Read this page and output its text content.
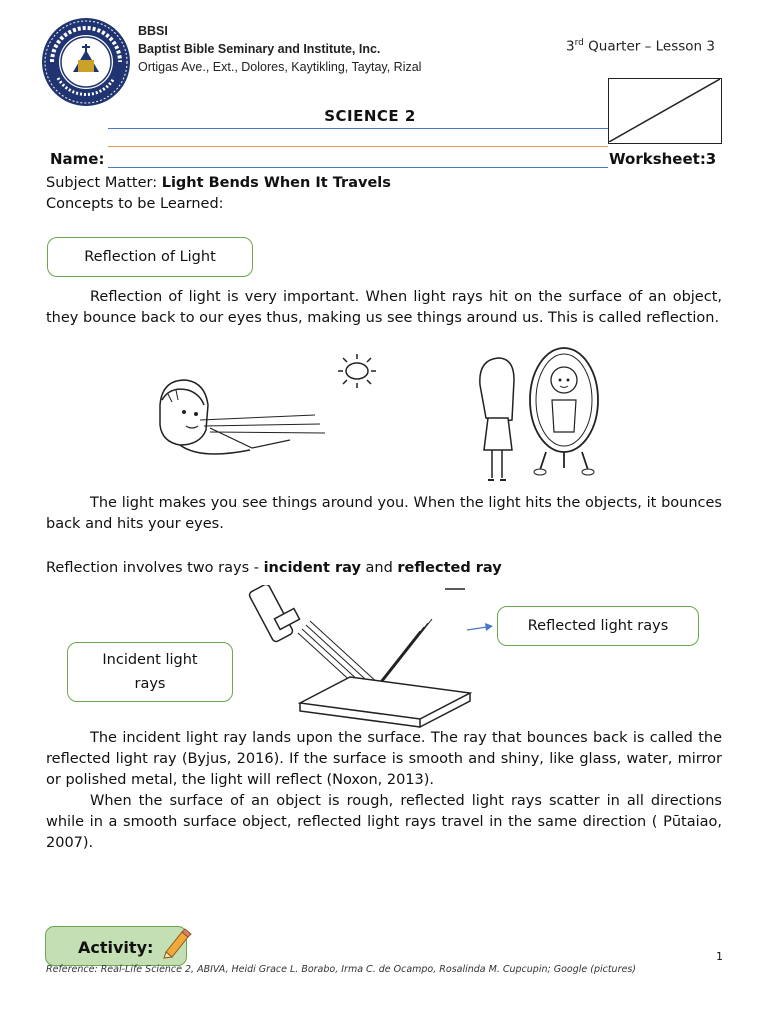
BBSI
Baptist Bible Seminary and Institute, Inc.
Ortigas Ave., Ext., Dolores, Kaytikling, Taytay, Rizal
3rd Quarter – Lesson 3
SCIENCE 2
Name:	Worksheet:3
Subject Matter: Light Bends When It Travels
Concepts to be Learned:
Reflection of Light
Reflection of light is very important. When light rays hit on the surface of an object, they bounce back to our eyes thus, making us see things around us. This is called reflection.
The light makes you see things around you. When the light hits the objects, it bounces back and hits your eyes.
Reflection involves two rays - incident ray and reflected ray
Reflected light rays
Incident light
rays
The incident light ray lands upon the surface. The ray that bounces back is called the reflected light ray (Byjus, 2016). If the surface is smooth and shiny, like glass, water, mirror or polished metal, the light will reflect (Noxon, 2013).
When the surface of an object is rough, reflected light rays scatter in all directions while in a smooth surface object, reflected light rays travel in the same direction ( Pūtaiao, 2007).
Activity:
Reference: Real-Life Science 2, ABIVA, Heidi Grace L. Borabo, Irma C. de Ocampo, Rosalinda M. Cupcupin; Google (pictures)
1
